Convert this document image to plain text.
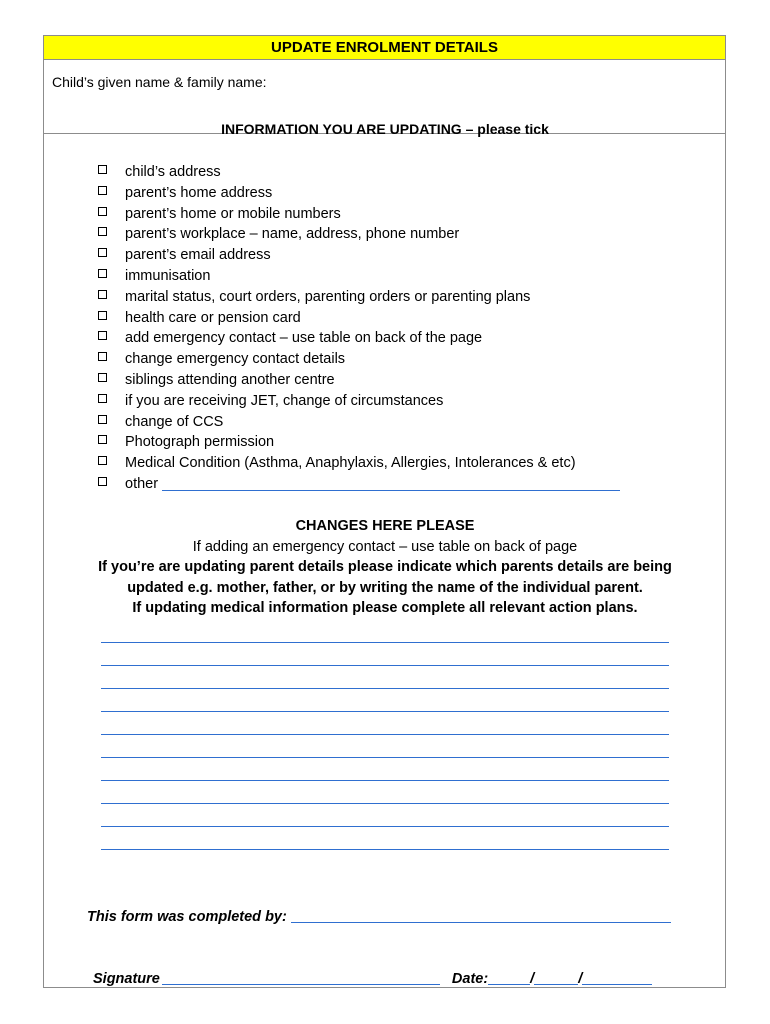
UPDATE ENROLMENT DETAILS
Child’s given name & family name:
INFORMATION YOU ARE UPDATING – please tick
child’s address
parent’s home address
parent’s home or mobile numbers
parent’s workplace – name, address, phone number
parent’s email address
immunisation
marital status, court orders, parenting orders or parenting plans
health care or pension card
add emergency contact – use table on back of the page
change emergency contact details
siblings attending another centre
if you are receiving JET, change of circumstances
change of CCS
Photograph permission
Medical Condition (Asthma, Anaphylaxis, Allergies, Intolerances & etc)
other
CHANGES HERE PLEASE
If adding an emergency contact – use table on back of page
If you’re are updating parent details please indicate which parents details are being
updated e.g. mother, father, or by writing the name of the individual parent.
If updating medical information please complete all relevant action plans.
This form was completed by:
Signature	Date:	/	/
